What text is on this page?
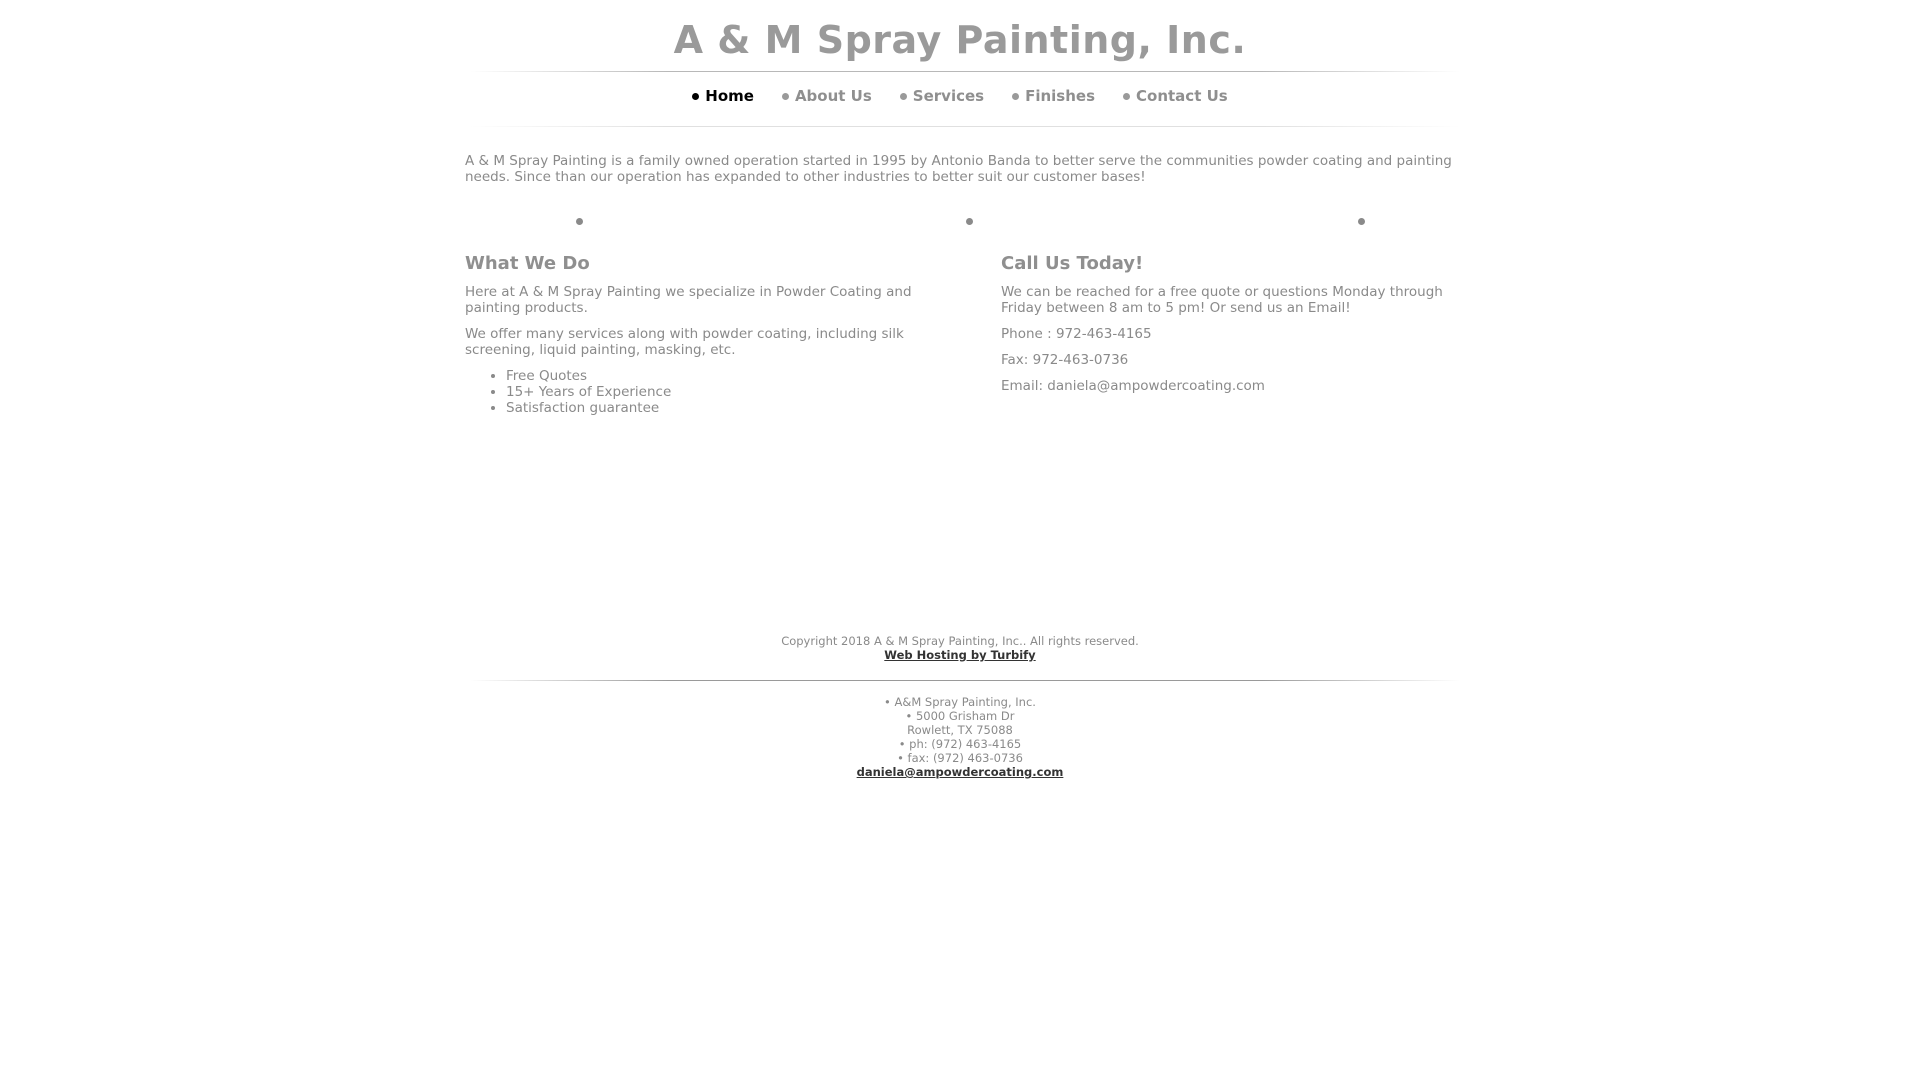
A & M Spray Painting, Inc.
Home	About Us	Services	Finishes	Contact Us

A & M Spray Painting is a family owned operation started in 1995 by Antonio Banda to better serve the communities powder coating and painting needs. Since than our operation has expanded to other industries to better suit our customer bases!

What We Do

Here at A & M Spray Painting we specialize in Powder Coating and painting products.

We offer many services along with powder coating, including silk screening, liquid painting, masking, etc.

• Free Quotes
• 15+ Years of Experience
• Satisfaction guarantee
Call Us Today!

We can be reached for a free quote or questions Monday through Friday between 8 am to 5 pm! Or send us an Email!

Phone : 972-463-4165

Fax: 972-463-0736

Email: daniela@ampowdercoating.com

Copyright 2018 A & M Spray Painting, Inc.. All rights reserved.
Web Hosting by Turbify
• A&M Spray Painting, Inc.
• 5000 Grisham Dr
Rowlett, TX 75088
• ph: (972) 463-4165
• fax: (972) 463-0736
daniela@ampowdercoating.com
